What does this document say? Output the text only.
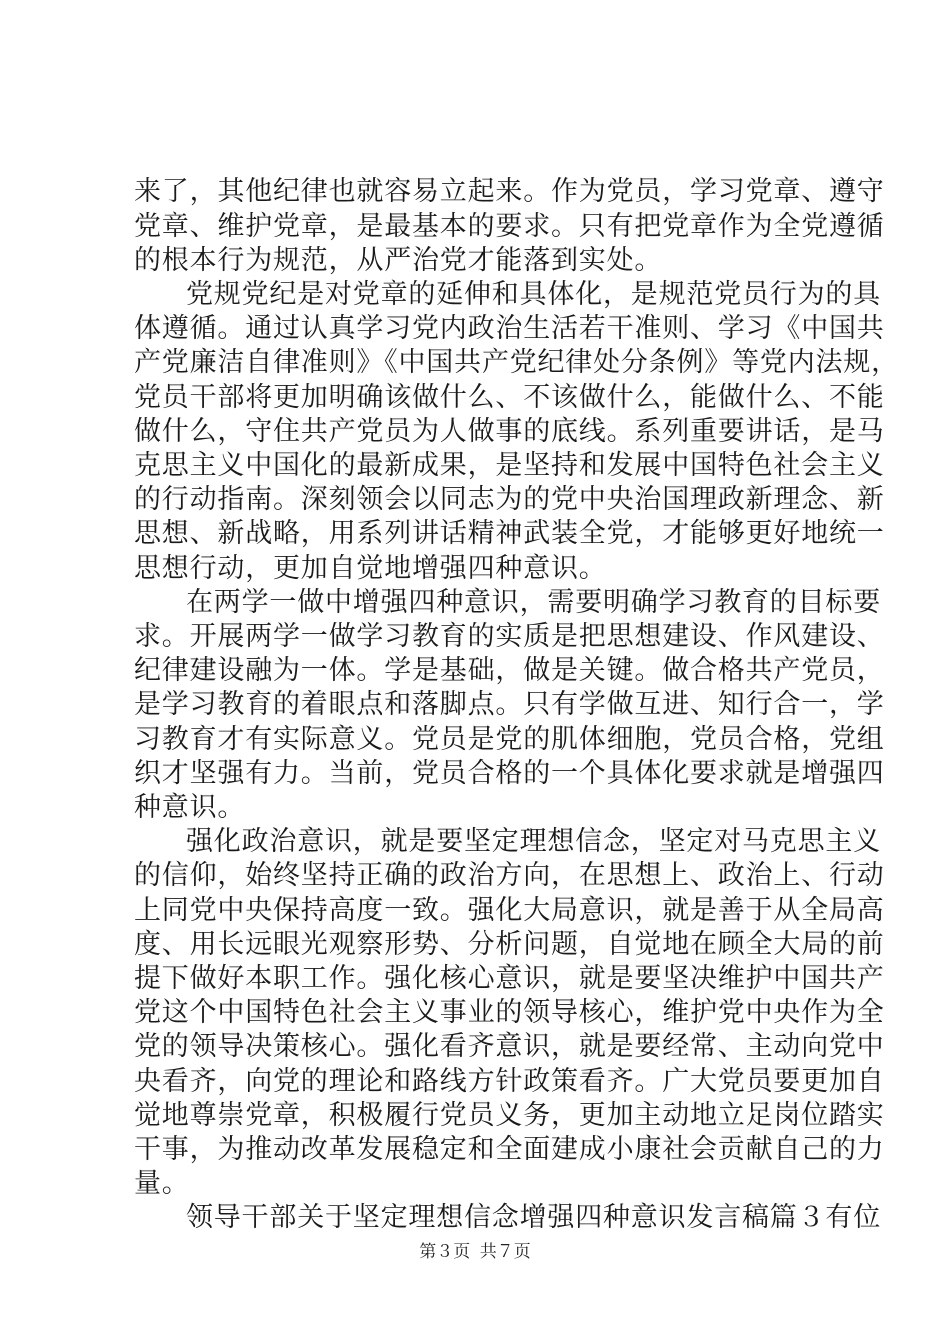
来了，其他纪律也就容易立起来。作为党员，学习党章、遵守
党章、维护党章，是最基本的要求。只有把党章作为全党遵循
的根本行为规范，从严治党才能落到实处。
党规党纪是对党章的延伸和具体化，是规范党员行为的具
体遵循。通过认真学习党内政治生活若干准则、学习《中国共
产党廉洁自律准则》《中国共产党纪律处分条例》等党内法规，
党员干部将更加明确该做什么、不该做什么，能做什么、不能
做什么，守住共产党员为人做事的底线。系列重要讲话，是马
克思主义中国化的最新成果，是坚持和发展中国特色社会主义
的行动指南。深刻领会以同志为的党中央治国理政新理念、新
思想、新战略，用系列讲话精神武装全党，才能够更好地统一
思想行动，更加自觉地增强四种意识。
在两学一做中增强四种意识，需要明确学习教育的目标要
求。开展两学一做学习教育的实质是把思想建设、作风建设、
纪律建设融为一体。学是基础，做是关键。做合格共产党员，
是学习教育的着眼点和落脚点。只有学做互进、知行合一，学
习教育才有实际意义。党员是党的肌体细胞，党员合格，党组
织才坚强有力。当前，党员合格的一个具体化要求就是增强四
种意识。
强化政治意识，就是要坚定理想信念，坚定对马克思主义
的信仰，始终坚持正确的政治方向，在思想上、政治上、行动
上同党中央保持高度一致。强化大局意识，就是善于从全局高
度、用长远眼光观察形势、分析问题，自觉地在顾全大局的前
提下做好本职工作。强化核心意识，就是要坚决维护中国共产
党这个中国特色社会主义事业的领导核心，维护党中央作为全
党的领导决策核心。强化看齐意识，就是要经常、主动向党中
央看齐，向党的理论和路线方针政策看齐。广大党员要更加自
觉地尊崇党章，积极履行党员义务，更加主动地立足岗位踏实
干事，为推动改革发展稳定和全面建成小康社会贡献自己的力
量。
领导干部关于坚定理想信念增强四种意识发言稿篇３有位
第３页 共７页
